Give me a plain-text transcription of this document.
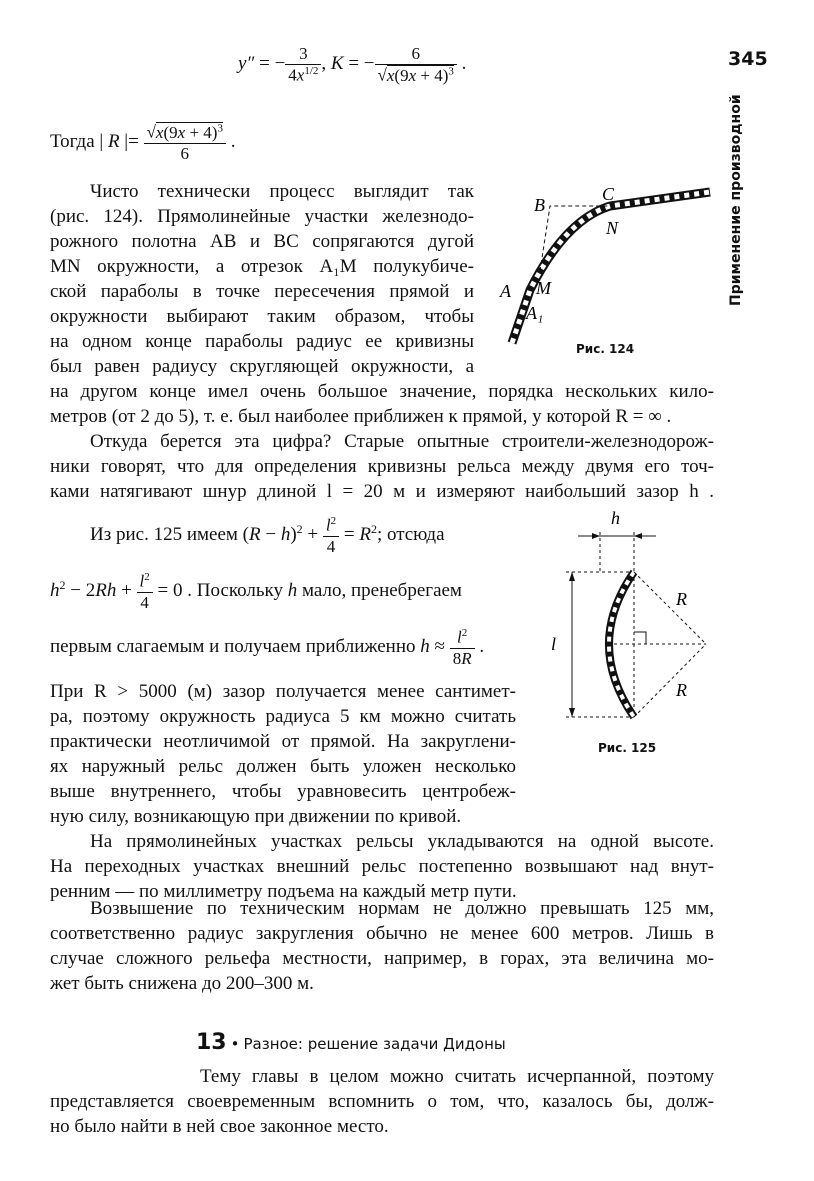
345
Применение производной
y″ = − $\frac{3}{4x^{1/2}}$ , K = − $\frac{6}{√x(9x + 4)^3}$ .
Тогда | R |= $\frac{√x(9x + 4)^3}{6}$ .
Чисто технически процесс выглядит так
(рис. 124). Прямолинейные участки железнодо-
рожного полотна AB и BC сопрягаются дугой
MN окружности, а отрезок A₁M полукубиче-
ской параболы в точке пересечения прямой и
окружности выбирают таким образом, чтобы
на одном конце параболы радиус ее кривизны
был равен радиусу скругляющей окружности, а
на другом конце имел очень большое значение, порядка нескольких кило-
метров (от 2 до 5), т. е. был наиболее приближен к прямой, у которой R = ∞ .
A
B
C
N
M
A₁
Рис. 124
Откуда берется эта цифра? Старые опытные строители-железнодорож-
ники говорят, что для определения кривизны рельса между двумя его точ-
ками натягивают шнур длиной l = 20 м и измеряют наибольший зазор h .
Из рис. 125 имеем $(R - h)^2 + \frac{l^2}{4} = R^2$; отсюда
$h^2 - 2Rh + \frac{l^2}{4} = 0$ . Поскольку h мало, пренебрегаем
первым слагаемым и получаем приближенно $h \approx \frac{l^2}{8R}$ .
При R > 5000 (м) зазор получается менее сантимет-
ра, поэтому окружность радиуса 5 км можно считать
практически неотличимой от прямой. На закруглени-
ях наружный рельс должен быть уложен несколько
выше внутреннего, чтобы уравновесить центробеж-
ную силу, возникающую при движении по кривой.
h
l
R
R
Рис. 125
На прямолинейных участках рельсы укладываются на одной высоте.
На переходных участках внешний рельс постепенно возвышают над внут-
ренним — по миллиметру подъема на каждый метр пути.
Возвышение по техническим нормам не должно превышать 125 мм,
соответственно радиус закругления обычно не менее 600 метров. Лишь в
случае сложного рельефа местности, например, в горах, эта величина мо-
жет быть снижена до 200–300 м.
13 • Разное: решение задачи Дидоны
Тему главы в целом можно считать исчерпанной, поэтому
представляется своевременным вспомнить о том, что, казалось бы, долж-
но было найти в ней свое законное место.
